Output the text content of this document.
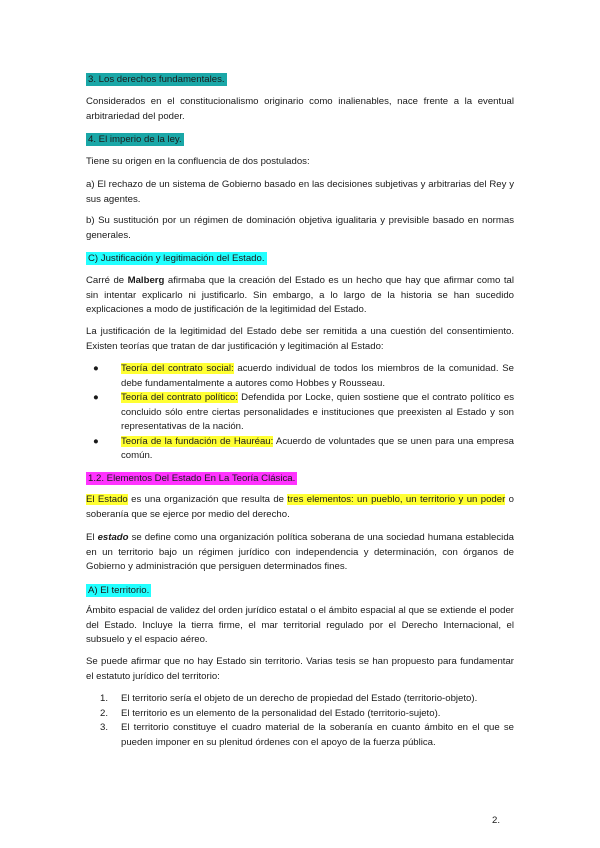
3. Los derechos fundamentales.

Considerados en el constitucionalismo originario como inalienables, nace frente a la eventual arbitrariedad del poder.

4. El imperio de la ley.

Tiene su origen en la confluencia de dos postulados:

a) El rechazo de un sistema de Gobierno basado en las decisiones subjetivas y arbitrarias del Rey y sus agentes.

b) Su sustitución por un régimen de dominación objetiva igualitaria y previsible basado en normas generales.

C) Justificación y legitimación del Estado.

Carré de Malberg afirmaba que la creación del Estado es un hecho que hay que afirmar como tal sin intentar explicarlo ni justificarlo. Sin embargo, a lo largo de la historia se han sucedido explicaciones a modo de justificación de la legitimidad del Estado.

La justificación de la legitimidad del Estado debe ser remitida a una cuestión del consentimiento. Existen teorías que tratan de dar justificación y legitimación al Estado:

●	Teoría del contrato social: acuerdo individual de todos los miembros de la comunidad. Se debe fundamentalmente a autores como Hobbes y Rousseau.
●	Teoría del contrato político: Defendida por Locke, quien sostiene que el contrato político es concluido sólo entre ciertas personalidades e instituciones que preexisten al Estado y son representativas de la nación.
●	Teoría de la fundación de Hauréau: Acuerdo de voluntades que se unen para una empresa común.
1.2. Elementos Del Estado En La Teoría Clásica.

El Estado es una organización que resulta de tres elementos: un pueblo, un territorio y un poder o soberanía que se ejerce por medio del derecho.

El estado se define como una organización política soberana de una sociedad humana establecida en un territorio bajo un régimen jurídico con independencia y determinación, con órganos de Gobierno y administración que persiguen determinados fines.

A) El territorio.

Ámbito espacial de validez del orden jurídico estatal o el ámbito espacial al que se extiende el poder del Estado. Incluye la tierra firme, el mar territorial regulado por el Derecho Internacional, el subsuelo y el espacio aéreo.

Se puede afirmar que no hay Estado sin territorio. Varias tesis se han propuesto para fundamentar el estatuto jurídico del territorio:

1. El territorio sería el objeto de un derecho de propiedad del Estado (territorio-objeto).
2. El territorio es un elemento de la personalidad del Estado (territorio-sujeto).
3. El territorio constituye el cuadro material de la soberanía en cuanto ámbito en el que se pueden imponer en su plenitud órdenes con el apoyo de la fuerza pública.
2.
